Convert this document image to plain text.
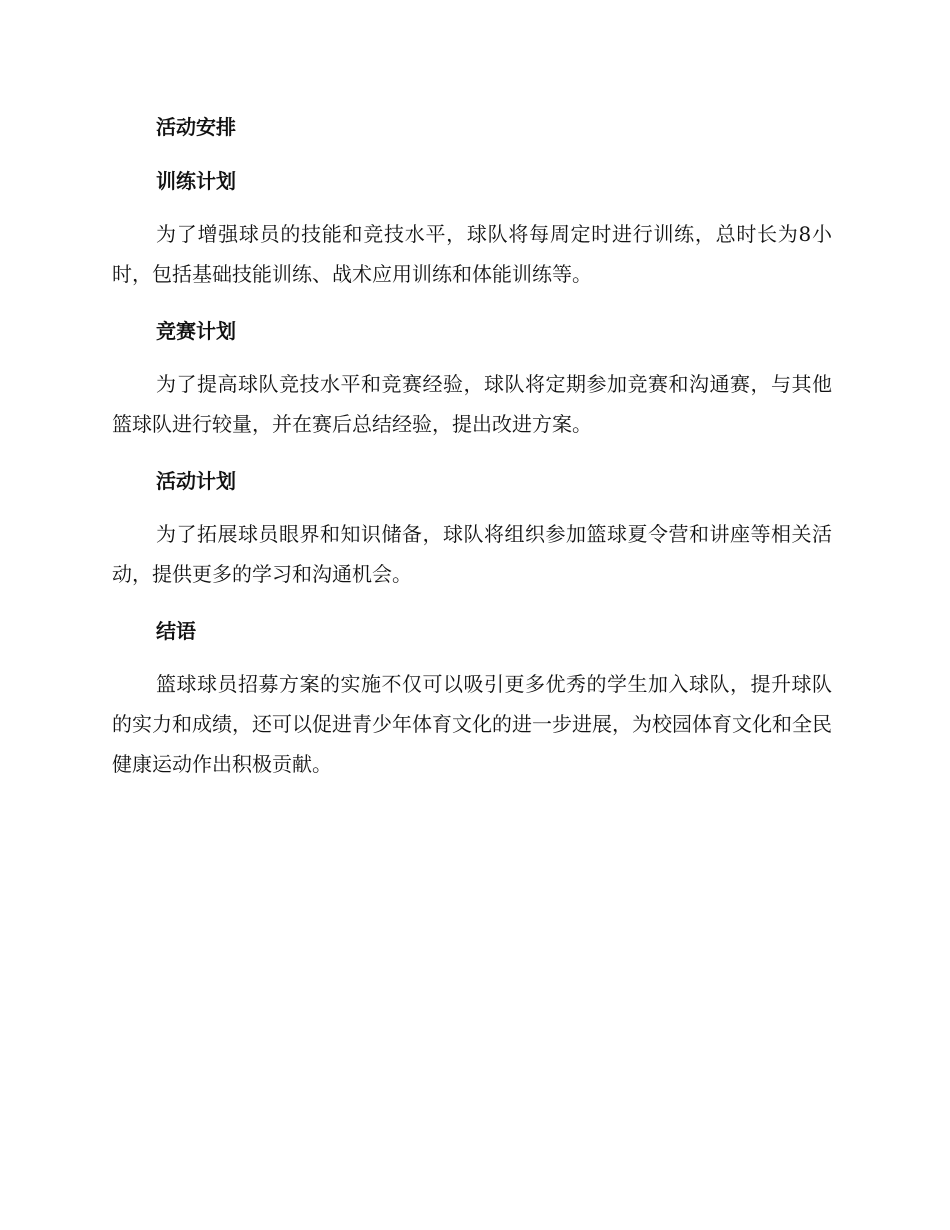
活动安排
训练计划

为了增强球员的技能和竞技水平，球队将每周定时进行训练，总时长为8小时，包括基础技能训练、战术应用训练和体能训练等。

竞赛计划

为了提高球队竞技水平和竞赛经验，球队将定期参加竞赛和沟通赛，与其他篮球队进行较量，并在赛后总结经验，提出改进方案。

活动计划

为了拓展球员眼界和知识储备，球队将组织参加篮球夏令营和讲座等相关活动，提供更多的学习和沟通机会。

结语

篮球球员招募方案的实施不仅可以吸引更多优秀的学生加入球队，提升球队的实力和成绩，还可以促进青少年体育文化的进一步进展，为校园体育文化和全民健康运动作出积极贡献。
